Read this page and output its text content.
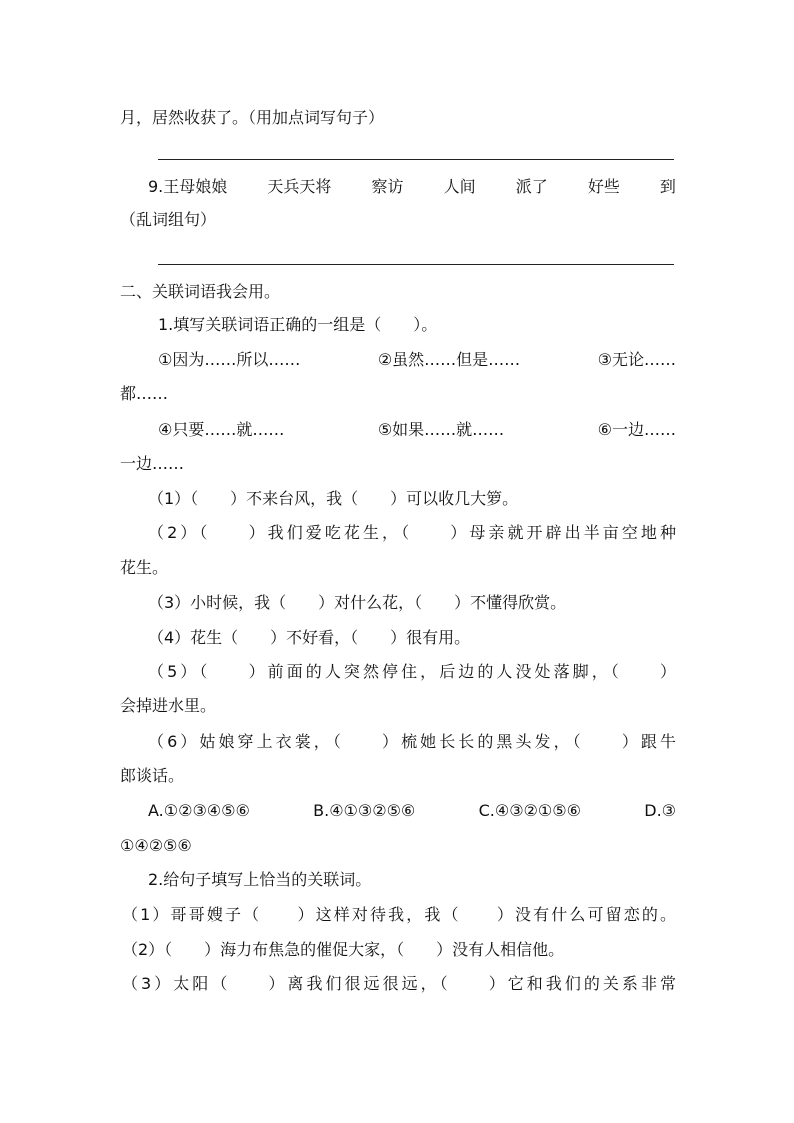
月，居然收获了。（用加点词写句子）
9.王母娘娘	天兵天将	察访	人间	派了	好些	到
（乱词组句）
二、关联词语我会用。
1.填写关联词语正确的一组是（　　）。
①因为……所以……	②虽然……但是……	③无论……
都……
④只要……就……	⑤如果……就……	⑥一边……
一边……
（1）（　　）不来台风，我（　　）可以收几大箩。
（2）（　　）我们爱吃花生，（　　）母亲就开辟出半亩空地种
花生。
（3）小时候，我（　　）对什么花，（　　）不懂得欣赏。
（4）花生（　　）不好看，（　　）很有用。
（5）（　　）前面的人突然停住，后边的人没处落脚，（　　）
会掉进水里。
（6）姑娘穿上衣裳，（　　）梳她长长的黑头发，（　　）跟牛
郎谈话。
A.①②③④⑤⑥	B.④①③②⑤⑥	C.④③②①⑤⑥	D.③
①④②⑤⑥
2.给句子填写上恰当的关联词。
（1）哥哥嫂子（　　）这样对待我，我（　　）没有什么可留恋的。
（2）（　　）海力布焦急的催促大家，（　　）没有人相信他。
（3）太阳（　　）离我们很远很远，（　　）它和我们的关系非常
